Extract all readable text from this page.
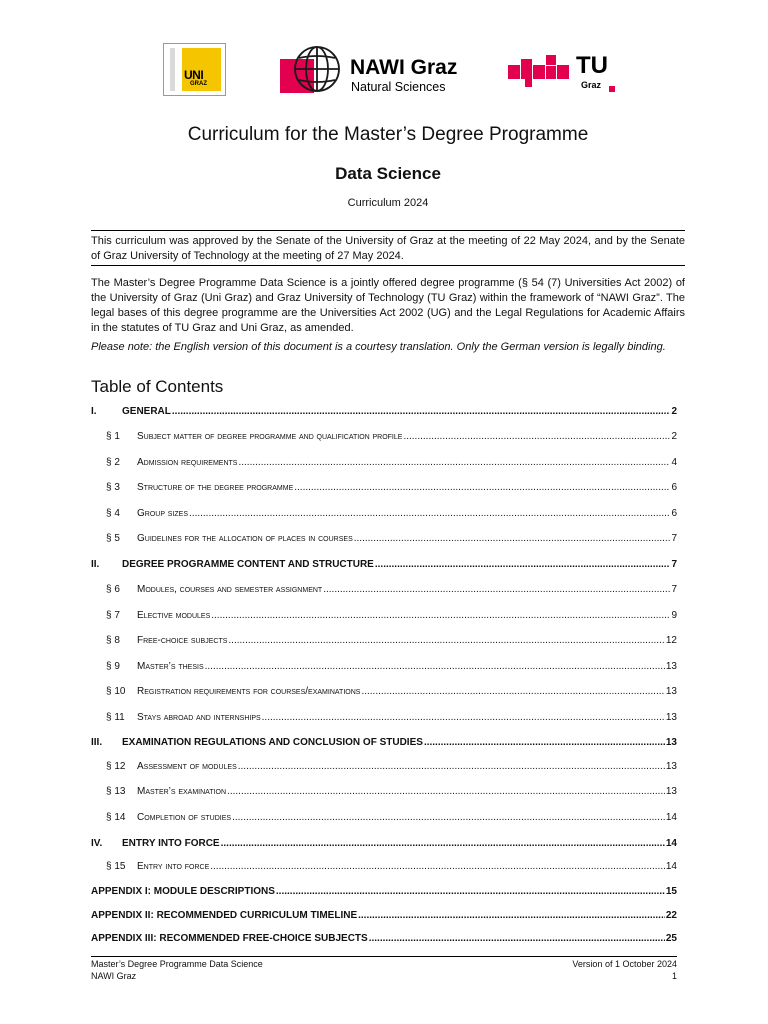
UNI
GRAZ
NAWI Graz
Natural Sciences
TU
Graz
Curriculum for the Master’s Degree Programme
Data Science
Curriculum 2024

This curriculum was approved by the Senate of the University of Graz at the meeting of 22 May 2024, and by the Senate of Graz University of Technology at the meeting of 27 May 2024.

The Master’s Degree Programme Data Science is a jointly offered degree programme (§ 54 (7) Universities Act 2002) of the University of Graz (Uni Graz) and Graz University of Technology (TU Graz) within the framework of “NAWI Graz”. The legal bases of this degree programme are the Universities Act 2002 (UG) and the Legal Regulations for Academic Affairs in the statutes of TU Graz and Uni Graz, as amended.

Please note: the English version of this document is a courtesy translation. Only the German version is legally binding.

Table of Contents
I.	GENERAL .....	2
§ 1	Subject matter of degree programme and qualification profile .....	2
§ 2	Admission requirements .....	4
§ 3	Structure of the degree programme .....	6
§ 4	Group sizes .....	6
§ 5	Guidelines for the allocation of places in courses .....	7
II.	DEGREE PROGRAMME CONTENT AND STRUCTURE .....	7
§ 6	Modules, courses and semester assignment .....	7
§ 7	Elective modules .....	9
§ 8	Free-choice subjects .....	12
§ 9	Master’s thesis .....	13
§ 10	Registration requirements for courses/examinations .....	13
§ 11	Stays abroad and internships .....	13
III.	EXAMINATION REGULATIONS AND CONCLUSION OF STUDIES .....	13
§ 12	Assessment of modules .....	13
§ 13	Master’s examination .....	13
§ 14	Completion of studies .....	14
IV.	ENTRY INTO FORCE .....	14
§ 15	Entry into force .....	14
APPENDIX I: MODULE DESCRIPTIONS .....	15
APPENDIX II: RECOMMENDED CURRICULUM TIMELINE .....	22
APPENDIX III: RECOMMENDED FREE-CHOICE SUBJECTS .....	25
Master’s Degree Programme Data Science
NAWI Graz
Version of 1 October 2024
1
